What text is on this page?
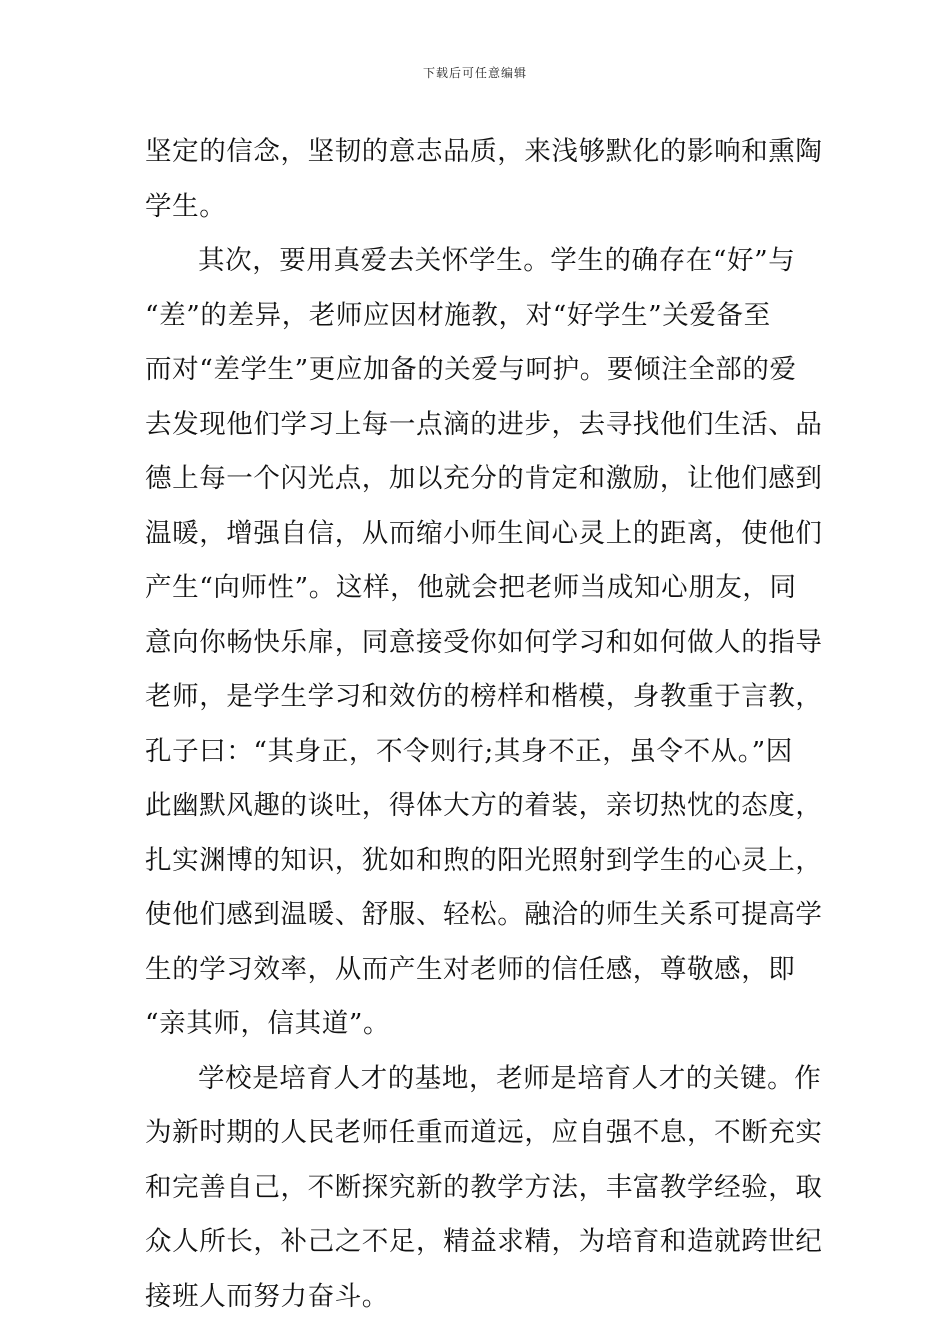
下载后可任意编辑
坚定的信念，坚韧的意志品质，来浅够默化的影响和熏陶
学生。
其次，要用真爱去关怀学生。学生的确存在“好”与
“差”的差异，老师应因材施教，对“好学生”关爱备至
而对“差学生”更应加备的关爱与呵护。要倾注全部的爱
去发现他们学习上每一点滴的进步，去寻找他们生活、品
德上每一个闪光点，加以充分的肯定和激励，让他们感到
温暖，增强自信，从而缩小师生间心灵上的距离，使他们
产生“向师性”。这样，他就会把老师当成知心朋友，同
意向你畅快乐扉，同意接受你如何学习和如何做人的指导
老师，是学生学习和效仿的榜样和楷模，身教重于言教，
孔子曰：“其身正，不令则行;其身不正，虽令不从。”因
此幽默风趣的谈吐，得体大方的着装，亲切热忱的态度，
扎实渊博的知识，犹如和煦的阳光照射到学生的心灵上，
使他们感到温暖、舒服、轻松。融洽的师生关系可提高学
生的学习效率，从而产生对老师的信任感，尊敬感，即
“亲其师，信其道”。
学校是培育人才的基地，老师是培育人才的关键。作
为新时期的人民老师任重而道远，应自强不息，不断充实
和完善自己，不断探究新的教学方法，丰富教学经验，取
众人所长，补己之不足，精益求精，为培育和造就跨世纪
接班人而努力奋斗。
